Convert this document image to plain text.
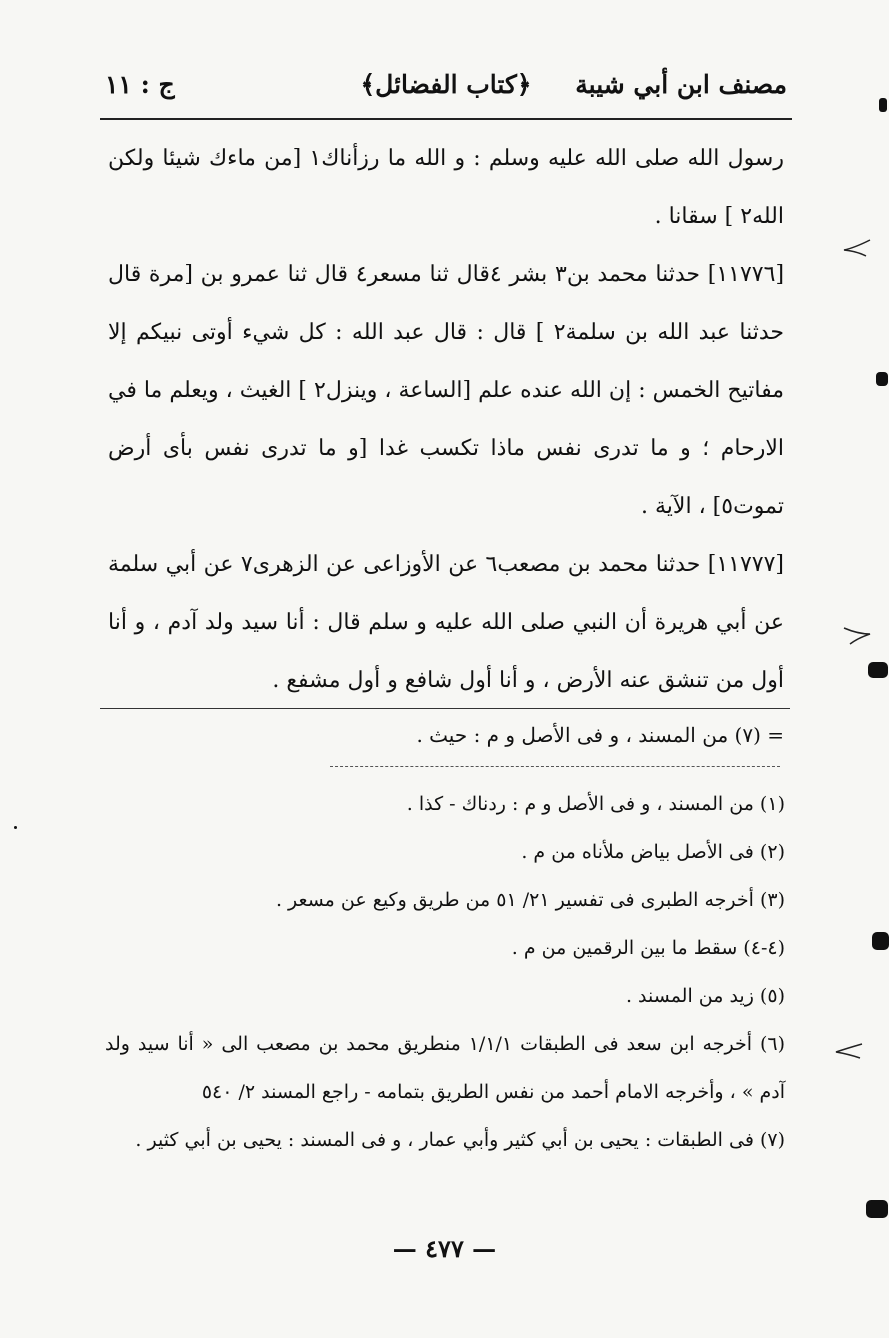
مصنف ابن أبي شيبة
﴿كتاب الفضائل﴾
ج : ١١

رسول الله صلى الله عليه وسلم : و الله ما رزأناك١ [من ماءك شيئا ولكن الله٢ ] سقانا .

[١١٧٧٦] حدثنا محمد بن٣ بشر ٤قال ثنا مسعر٤ قال ثنا عمرو بن [مرة قال حدثنا عبد الله بن سلمة٢ ] قال : قال عبد الله : كل شيء أوتى نبيكم إلا مفاتيح الخمس : إن الله عنده علم [الساعة ، وينزل٢ ] الغيث ، ويعلم ما في الارحام ؛ و ما تدرى نفس ماذا تكسب غدا [و ما تدرى نفس بأى أرض تموت٥] ، الآية .

[١١٧٧٧] حدثنا محمد بن مصعب٦ عن الأوزاعى عن الزهرى٧ عن أبي سلمة عن أبي هريرة أن النبي صلى الله عليه و سلم قال : أنا سيد ولد آدم ، و أنا أول من تنشق عنه الأرض ، و أنا أول شافع و أول مشفع .

= (٧) من المسند ، و فى الأصل و م : حيث .

(١) من المسند ، و فى الأصل و م : ردناك - كذا .

(٢) فى الأصل بياض ملأناه من م .

(٣) أخرجه الطبرى فى تفسير ٢١/ ٥١ من طريق وكيع عن مسعر .

(٤-٤) سقط ما بين الرقمين من م .

(٥) زيد من المسند .

(٦) أخرجه ابن سعد فى الطبقات ١/١/١ منطريق محمد بن مصعب الى « أنا سيد ولد آدم » ، وأخرجه الامام أحمد من نفس الطريق بتمامه - راجع المسند ٢/ ٥٤٠

(٧) فى الطبقات : يحيى بن أبي كثير وأبي عمار ، و فى المسند : يحيى بن أبي كثير .

— ٤٧٧ —
